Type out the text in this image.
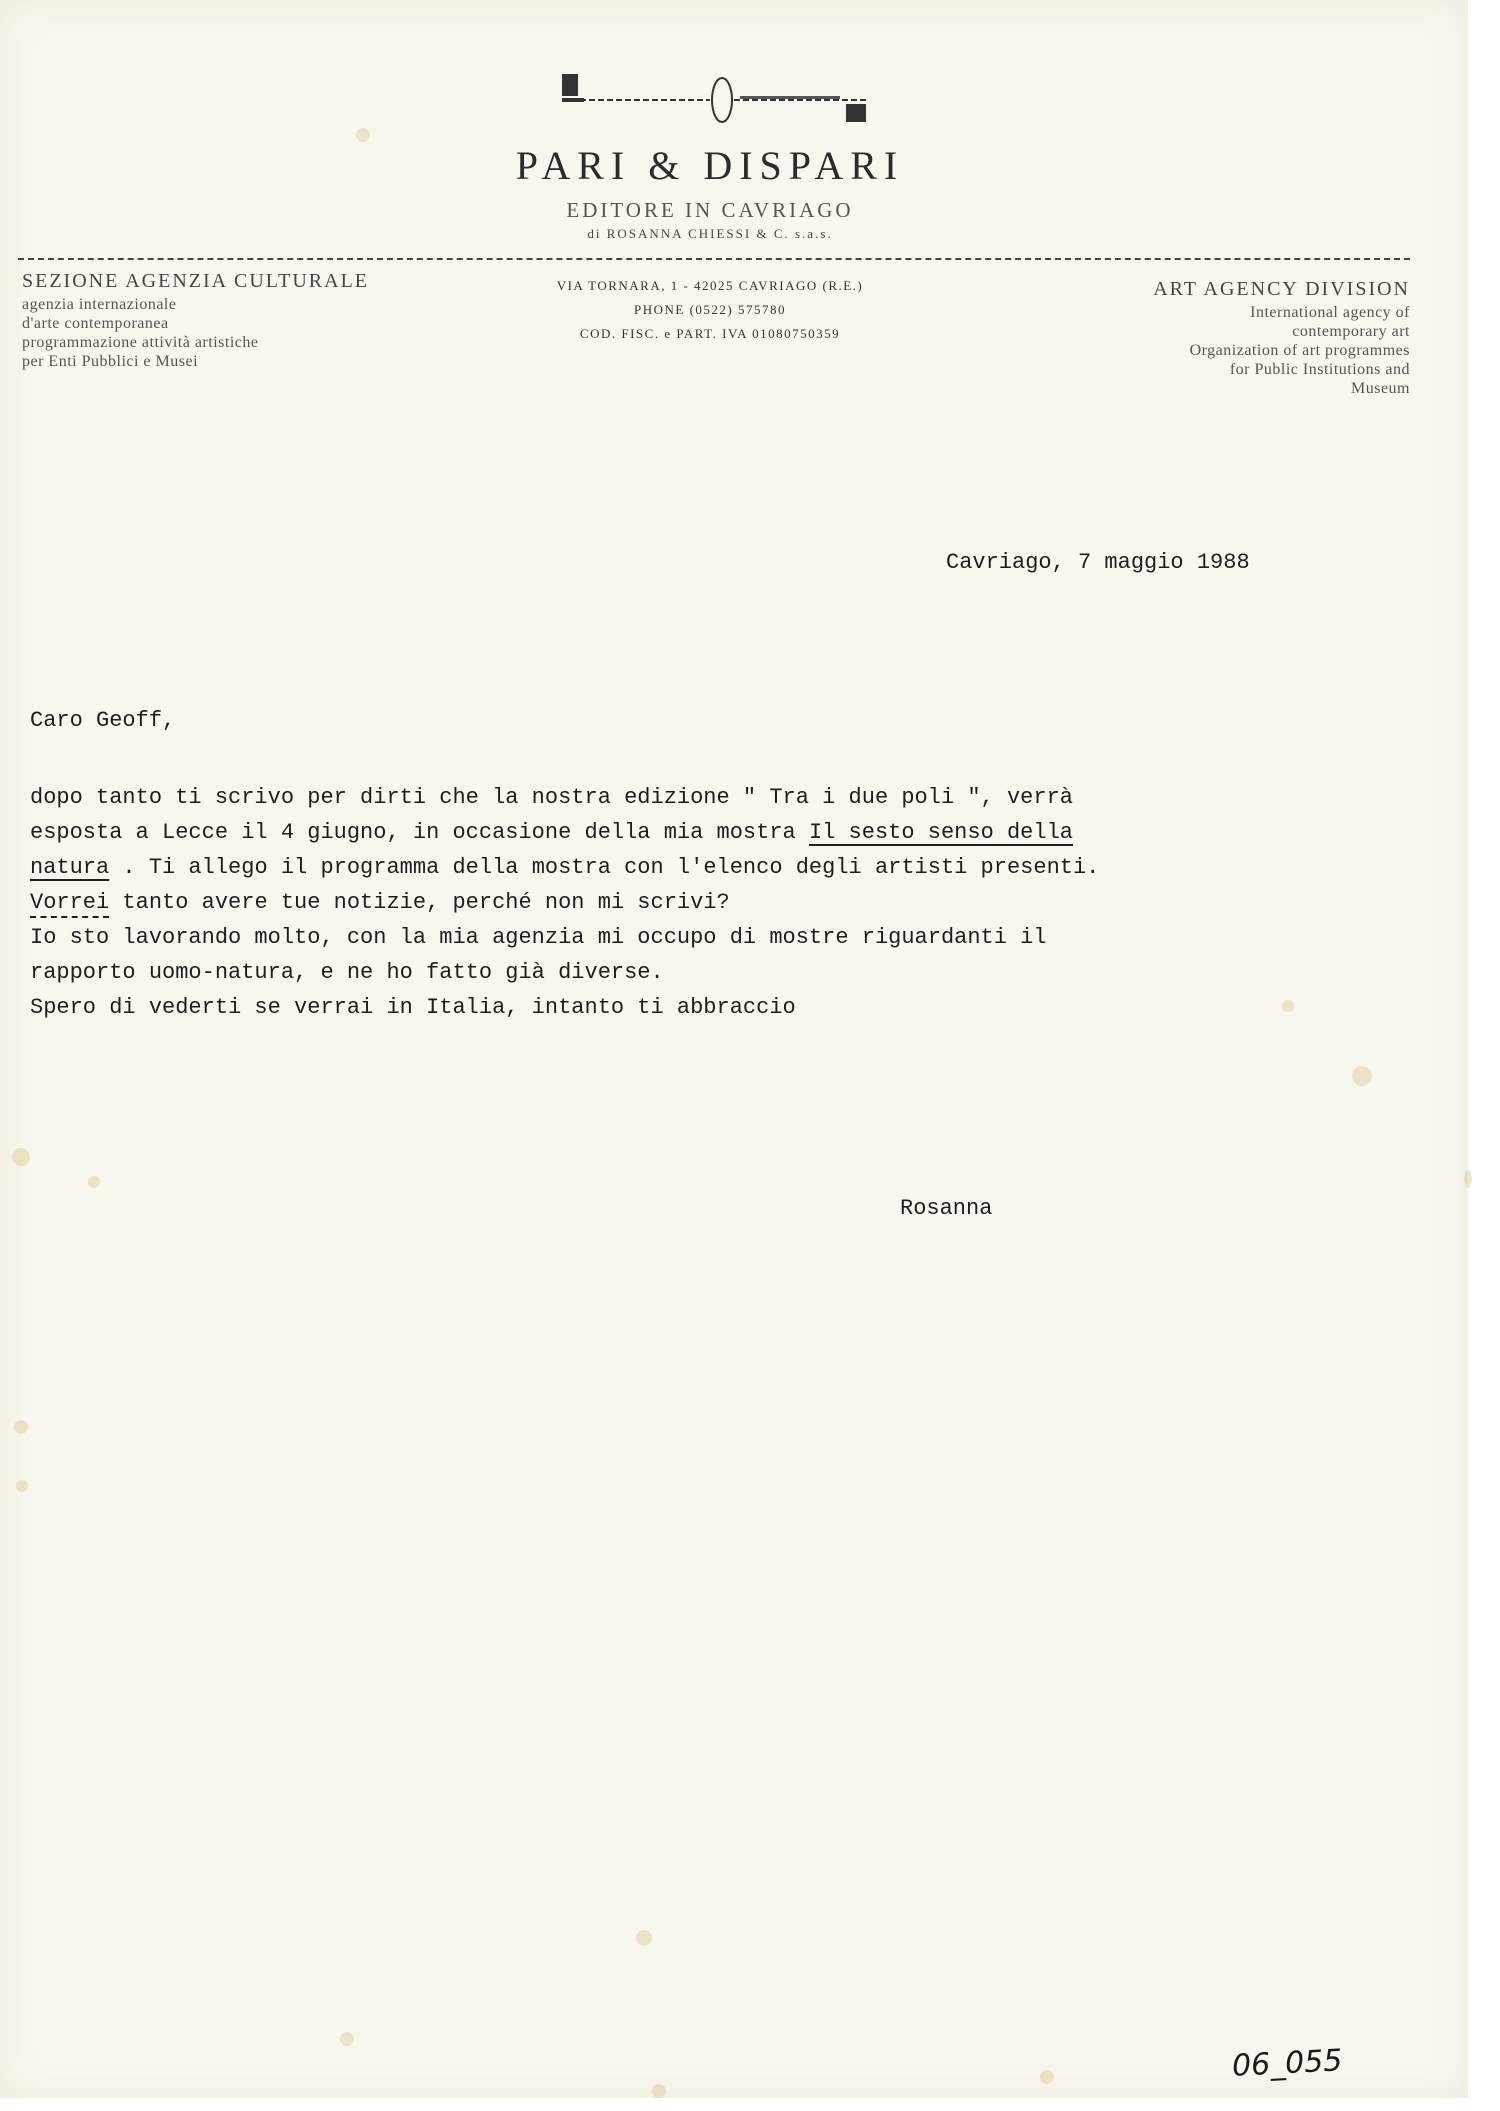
PARI & DISPARI
EDITORE IN CAVRIAGO
di ROSANNA CHIESSI & C. s.a.s.
SEZIONE AGENZIA CULTURALE
agenzia internazionale
d'arte contemporanea
programmazione attività artistiche
per Enti Pubblici e Musei
VIA TORNARA, 1 - 42025 CAVRIAGO (R.E.)
PHONE (0522) 575780
COD. FISC. e PART. IVA 01080750359
ART AGENCY DIVISION
International agency of
contemporary art
Organization of art programmes
for Public Institutions and
Museum
Cavriago, 7 maggio 1988
Caro Geoff,
dopo tanto ti scrivo per dirti che la nostra edizione " Tra i due poli ", verrà
esposta a Lecce il 4 giugno, in occasione della mia mostra Il sesto senso della
natura . Ti allego il programma della mostra con l'elenco degli artisti presenti.
Vorrei tanto avere tue notizie, perché non mi scrivi?
Io sto lavorando molto, con la mia agenzia mi occupo di mostre riguardanti il
rapporto uomo-natura, e ne ho fatto già diverse.
Spero di vederti se verrai in Italia, intanto ti abbraccio
Rosanna
06_055
